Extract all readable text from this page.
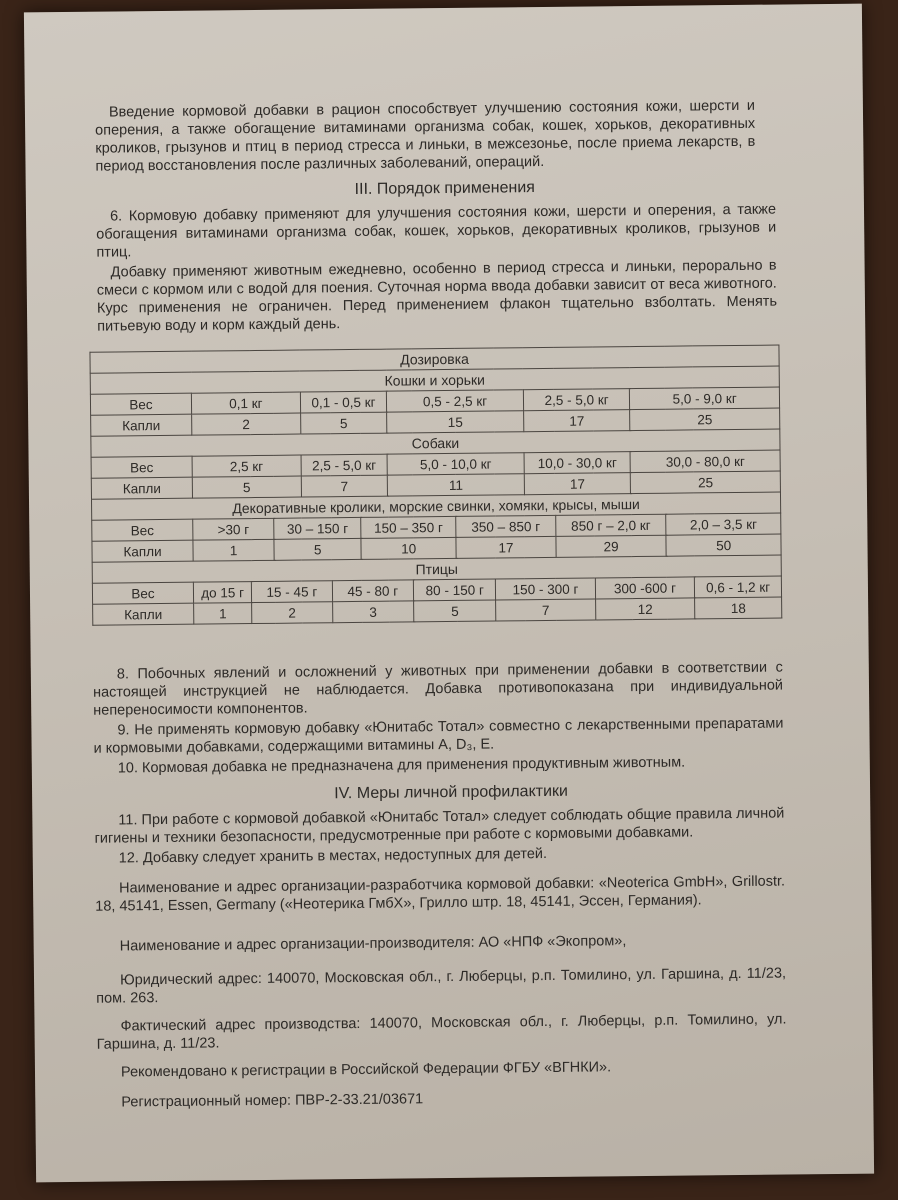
Введение кормовой добавки в рацион способствует улучшению состояния кожи, шерсти и оперения, а также обогащение витаминами организма собак, кошек, хорьков, декоративных кроликов, грызунов и птиц в период стресса и линьки, в межсезонье, после приема лекарств, в период восстановления после различных заболеваний, операций.

III. Порядок применения

6. Кормовую добавку применяют для улучшения состояния кожи, шерсти и оперения, а также обогащения витаминами организма собак, кошек, хорьков, декоративных кроликов, грызунов и птиц.

Добавку применяют животным ежедневно, особенно в период стресса и линьки, перорально в смеси с кормом или с водой для поения. Суточная норма ввода добавки зависит от веса животного. Курс применения не ограничен. Перед применением флакон тщательно взболтать. Менять питьевую воду и корм каждый день.

Дозировка																
Кошки и хорьки																
Вес	0,1 кг			0,1 - 0,5 кг			0,5 - 2,5 кг				2,5 - 5,0 кг			5,0 - 9,0 кг		
Капли	2			5			15				17			25		
Собаки																
Вес	2,5 кг			2,5 - 5,0 кг			5,0 - 10,0 кг				10,0 - 30,0 кг			30,0 - 80,0 кг		
Капли	5			7			11				17			25		
Декоративные кролики, морские свинки, хомяки, крысы, мыши																
Вес	>30 г		30 – 150 г			150 – 350 г			350 – 850 г			850 г – 2,0 кг			2,0 – 3,5 кг	
Капли	1		5			10			17			29			50	
Птицы																
Вес	до 15 г	15 - 45 г			45 - 80 г			80 - 150 г		150 - 300 г			300 -600 г			0,6 - 1,2 кг
Капли	1	2			3			5		7			12			18

8. Побочных явлений и осложнений у животных при применении добавки в соответствии с настоящей инструкцией не наблюдается. Добавка противопоказана при индивидуальной непереносимости компонентов.

9. Не применять кормовую добавку «Юнитабс Тотал» совместно с лекарственными препаратами и кормовыми добавками, содержащими витамины A, D₃, E.

10. Кормовая добавка не предназначена для применения продуктивным животным.

IV. Меры личной профилактики

11. При работе с кормовой добавкой «Юнитабс Тотал» следует соблюдать общие правила личной гигиены и техники безопасности, предусмотренные при работе с кормовыми добавками.

12. Добавку следует хранить в местах, недоступных для детей.

Наименование и адрес организации-разработчика кормовой добавки: «Neoterica GmbH», Grillostr. 18, 45141, Essen, Germany («Неотерика ГмбХ», Грилло штр. 18, 45141, Эссен, Германия).

Наименование и адрес организации-производителя: АО «НПФ «Экопром»,

Юридический адрес: 140070, Московская обл., г. Люберцы, р.п. Томилино, ул. Гаршина, д. 11/23, пом. 263.

Фактический адрес производства: 140070, Московская обл., г. Люберцы, р.п. Томилино, ул. Гаршина, д. 11/23.

Рекомендовано к регистрации в Российской Федерации ФГБУ «ВГНКИ».

Регистрационный номер: ПВР-2-33.21/03671
